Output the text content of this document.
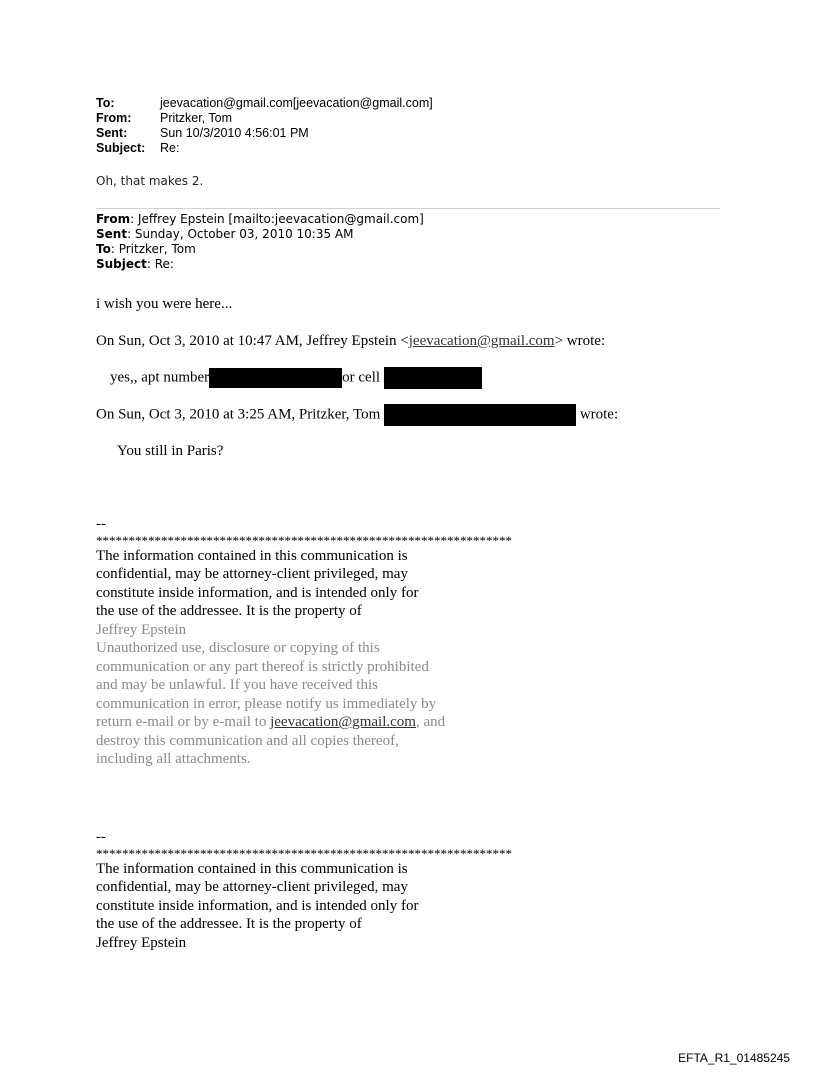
To:	jeevacation@gmail.com[jeevacation@gmail.com]
From:	Pritzker, Tom
Sent:	Sun 10/3/2010 4:56:01 PM
Subject:	Re:
Oh, that makes 2.
From: Jeffrey Epstein [mailto:jeevacation@gmail.com]
Sent: Sunday, October 03, 2010 10:35 AM
To: Pritzker, Tom
Subject: Re:
i wish you were here...
On Sun, Oct 3, 2010 at 10:47 AM, Jeffrey Epstein <jeevacation@gmail.com> wrote:
yes,, apt number	or cell
On Sun, Oct 3, 2010 at 3:25 AM, Pritzker, Tom	wrote:
You still in Paris?
--
****************************************************************
The information contained in this communication is
confidential, may be attorney-client privileged, may
constitute inside information, and is intended only for
the use of the addressee. It is the property of
Jeffrey Epstein
Unauthorized use, disclosure or copying of this
communication or any part thereof is strictly prohibited
and may be unlawful. If you have received this
communication in error, please notify us immediately by
return e-mail or by e-mail to jeevacation@gmail.com, and
destroy this communication and all copies thereof,
including all attachments.
--
****************************************************************
The information contained in this communication is
confidential, may be attorney-client privileged, may
constitute inside information, and is intended only for
the use of the addressee. It is the property of
Jeffrey Epstein
EFTA_R1_01485245
